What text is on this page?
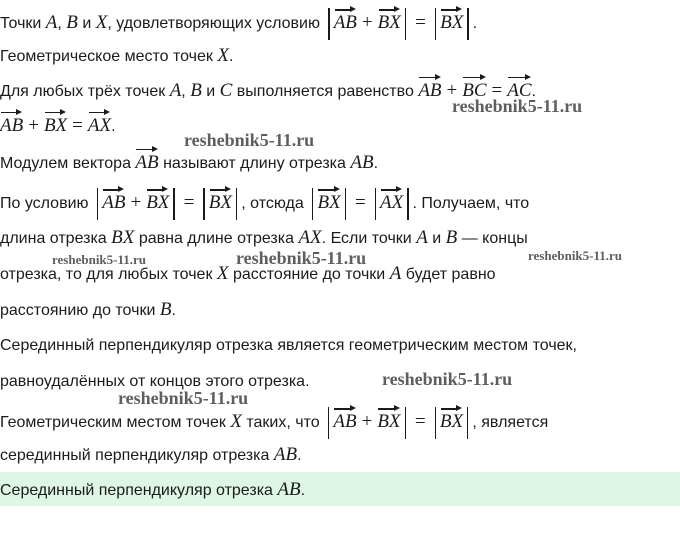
Точки A, B и X, удовлетворяющих условию AB + BX = BX .
Геометрическое место точек X.
Для любых трёх точек A, B и C выполняется равенство AB + BC = AC.
AB + BX = AX.
Модулем вектора AB называют длину отрезка AB.
По условию AB + BX = BX , отсюда BX = AX . Получаем, что
длина отрезка BX равна длине отрезка AX. Если точки A и B — концы
отрезка, то для любых точек X расстояние до точки A будет равно
расстоянию до точки B.
Серединный перпендикуляр отрезка является геометрическим местом точек,
равноудалённых от концов этого отрезка.
Геометрическим местом точек X таких, что AB + BX = BX , является
серединный перпендикуляр отрезка AB.
Серединный перпендикуляр отрезка AB.
reshebnik5-11.ru
reshebnik5-11.ru
reshebnik5-11.ru	reshebnik5-11.ru	reshebnik5-11.ru
reshebnik5-11.ru
reshebnik5-11.ru
